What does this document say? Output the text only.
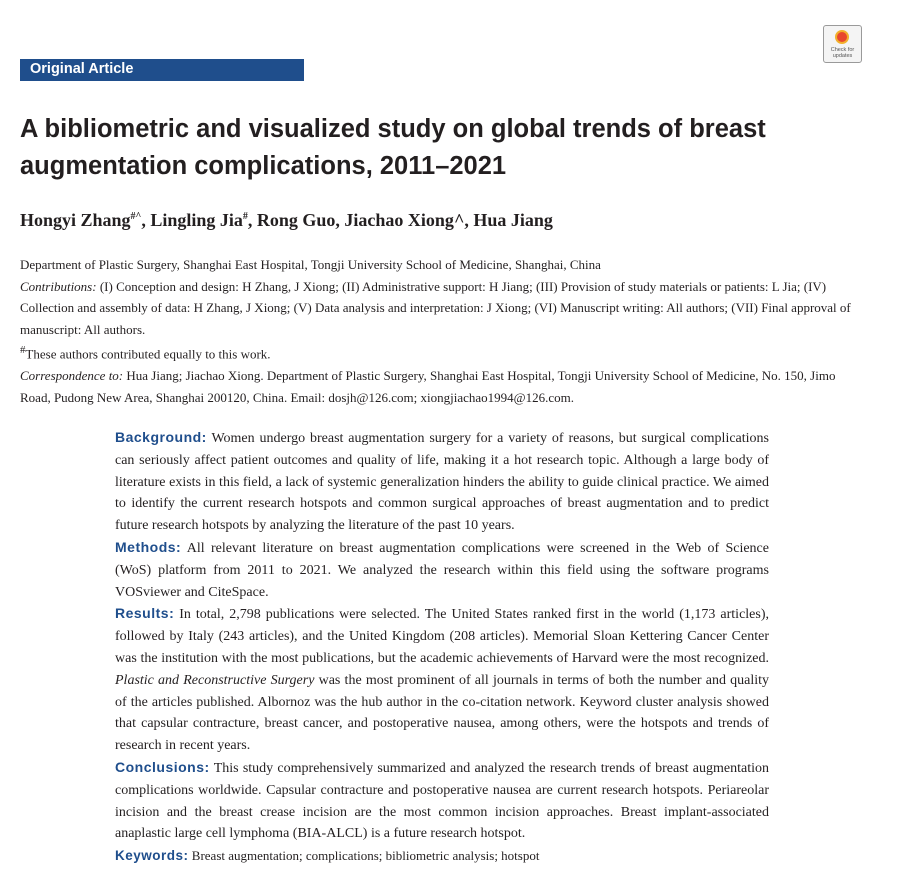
Original Article
Check for updates
A bibliometric and visualized study on global trends of breast augmentation complications, 2011–2021
Hongyi Zhang#^, Lingling Jia#, Rong Guo, Jiachao Xiong^, Hua Jiang

Department of Plastic Surgery, Shanghai East Hospital, Tongji University School of Medicine, Shanghai, China

Contributions: (I) Conception and design: H Zhang, J Xiong; (II) Administrative support: H Jiang; (III) Provision of study materials or patients: L Jia; (IV) Collection and assembly of data: H Zhang, J Xiong; (V) Data analysis and interpretation: J Xiong; (VI) Manuscript writing: All authors; (VII) Final approval of manuscript: All authors.

#These authors contributed equally to this work.

Correspondence to: Hua Jiang; Jiachao Xiong. Department of Plastic Surgery, Shanghai East Hospital, Tongji University School of Medicine, No. 150, Jimo Road, Pudong New Area, Shanghai 200120, China. Email: dosjh@126.com; xiongjiachao1994@126.com.

Background: Women undergo breast augmentation surgery for a variety of reasons, but surgical complications can seriously affect patient outcomes and quality of life, making it a hot research topic. Although a large body of literature exists in this field, a lack of systemic generalization hinders the ability to guide clinical practice. We aimed to identify the current research hotspots and common surgical approaches of breast augmentation and to predict future research hotspots by analyzing the literature of the past 10 years.

Methods: All relevant literature on breast augmentation complications were screened in the Web of Science (WoS) platform from 2011 to 2021. We analyzed the research within this field using the software programs VOSviewer and CiteSpace.

Results: In total, 2,798 publications were selected. The United States ranked first in the world (1,173 articles), followed by Italy (243 articles), and the United Kingdom (208 articles). Memorial Sloan Kettering Cancer Center was the institution with the most publications, but the academic achievements of Harvard were the most recognized. Plastic and Reconstructive Surgery was the most prominent of all journals in terms of both the number and quality of the articles published. Albornoz was the hub author in the co-citation network. Keyword cluster analysis showed that capsular contracture, breast cancer, and postoperative nausea, among others, were the hotspots and trends of research in recent years.

Conclusions: This study comprehensively summarized and analyzed the research trends of breast augmentation complications worldwide. Capsular contracture and postoperative nausea are current research hotspots. Periareolar incision and the breast crease incision are the most common incision approaches. Breast implant-associated anaplastic large cell lymphoma (BIA-ALCL) is a future research hotspot.

Keywords: Breast augmentation; complications; bibliometric analysis; hotspot
